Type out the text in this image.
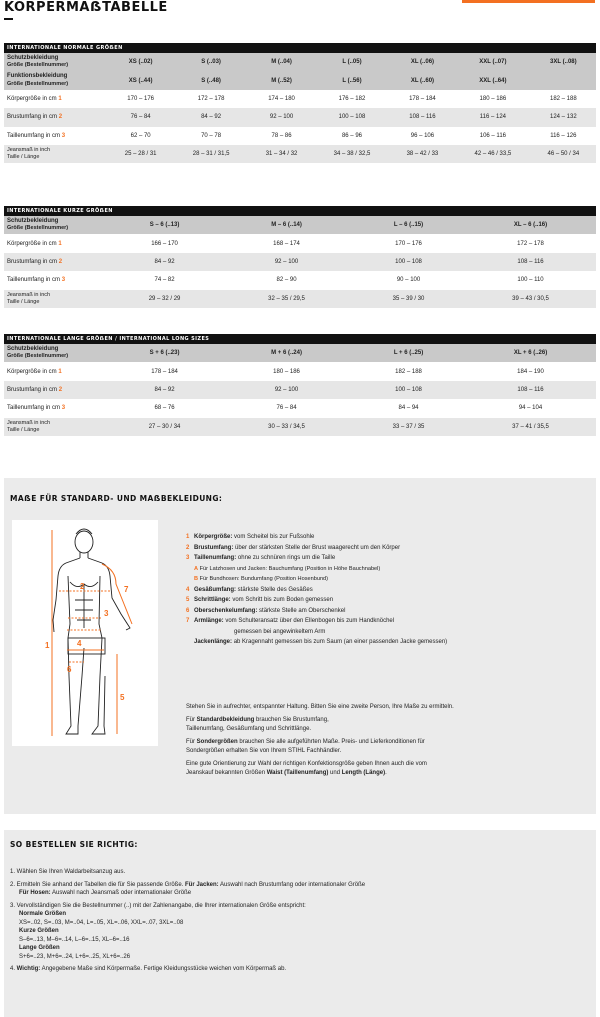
KÖRPERMAẞTABELLE
INTERNATIONALE NORMALE GRÖẞEN
Schutzbekleidung
Größe (Bestellnummer)	XS (..02)	S (..03)	M (..04)	L (..05)	XL (..06)	XXL (..07)	3XL (..08)

Funktionsbekleidung
Größe (Bestellnummer)	XS (..44)	S (..48)	M (..52)	L (..56)	XL (..60)	XXL (..64)	
Körpergröße in cm 1	170 – 176	172 – 178	174 – 180	176 – 182	178 – 184	180 – 186	182 – 188
Brustumfang in cm 2	76 – 84	84 – 92	92 – 100	100 – 108	108 – 116	116 – 124	124 – 132
Taillenumfang in cm 3	62 – 70	70 – 78	78 – 86	86 – 96	96 – 106	106 – 116	116 – 126

Jeansmaß in inch
Taille / Länge	25 – 28 / 31	28 – 31 / 31,5	31 – 34 / 32	34 – 38 / 32,5	38 – 42 / 33	42 – 46 / 33,5	46 – 50 / 34
INTERNATIONALE KURZE GRÖẞEN
Schutzbekleidung
Größe (Bestellnummer)		S – 6 (..13)	M – 6 (..14)	L – 6 (..15)	XL – 6 (..16)		
Körpergröße in cm 1		166 – 170	168 – 174	170 – 176	172 – 178		
Brustumfang in cm 2		84 – 92	92 – 100	100 – 108	108 – 116		
Taillenumfang in cm 3		74 – 82	82 – 90	90 – 100	100 – 110		

Jeansmaß in inch
Taille / Länge		29 – 32 / 29	32 – 35 / 29,5	35 – 39 / 30	39 – 43 / 30,5		
INTERNATIONALE LANGE GRÖẞEN / INTERNATIONAL LONG SIZES
Schutzbekleidung
Größe (Bestellnummer)		S + 6 (..23)	M + 6 (..24)	L + 6 (..25)	XL + 6 (..26)		
Körpergröße in cm 1		178 – 184	180 – 186	182 – 188	184 – 190		
Brustumfang in cm 2		84 – 92	92 – 100	100 – 108	108 – 116		
Taillenumfang in cm 3		68 – 76	76 – 84	84 – 94	94 – 104		

Jeansmaß in inch
Taille / Länge		27 – 30 / 34	30 – 33 / 34,5	33 – 37 / 35	37 – 41 / 35,5		
MAẞE FÜR STANDARD- UND MAẞBEKLEIDUNG:
1
2
3
4
5
6
7
1 Körpergröße: vom Scheitel bis zur Fußsohle
2 Brustumfang: über der stärksten Stelle der Brust waagerecht um den Körper
3 Taillenumfang: ohne zu schnüren rings um die Taille
A Für Latzhosen und Jacken: Bauchumfang (Position in Höhe Bauchnabel)
B Für Bundhosen: Bundumfang (Position Hosenbund)
4 Gesäßumfang: stärkste Stelle des Gesäßes
5 Schrittlänge: vom Schritt bis zum Boden gemessen
6 Oberschenkelumfang: stärkste Stelle am Oberschenkel
7 Armlänge: vom Schulteransatz über den Ellenbogen bis zum Handknöchel
gemessen bei angewinkeltem Arm
Jackenlänge: ab Kragennaht gemessen bis zum Saum (an einer passenden Jacke gemessen)
Stehen Sie in aufrechter, entspannter Haltung. Bitten Sie eine zweite Person, Ihre Maße zu ermitteln.
Für Standardbekleidung brauchen Sie Brustumfang,
Taillenumfang, Gesäßumfang und Schrittlänge.
Für Sondergrößen brauchen Sie alle aufgeführten Maße. Preis- und Lieferkonditionen für
Sondergrößen erhalten Sie von Ihrem STIHL Fachhändler.
Eine gute Orientierung zur Wahl der richtigen Konfektionsgröße geben Ihnen auch die vom
Jeanskauf bekannten Größen Waist (Taillenumfang) und Length (Länge).
SO BESTELLEN SIE RICHTIG:
1. Wählen Sie Ihren Waldarbeitsanzug aus.
2. Ermitteln Sie anhand der Tabellen die für Sie passende Größe. Für Jacken: Auswahl nach Brustumfang oder internationaler Größe
Für Hosen: Auswahl nach Jeansmaß oder internationaler Größe
3. Vervollständigen Sie die Bestellnummer (..) mit der Zahlenangabe, die Ihrer internationalen Größe entspricht:
Normale Größen
XS=..02, S=..03, M=..04, L=..05, XL=..06, XXL=..07, 3XL=..08
Kurze Größen
S–6=..13, M–6=..14, L–6=..15, XL–6=..16
Lange Größen
S+6=..23, M+6=..24, L+6=..25, XL+6=..26
4. Wichtig: Angegebene Maße sind Körpermaße. Fertige Kleidungsstücke weichen vom Körpermaß ab.
